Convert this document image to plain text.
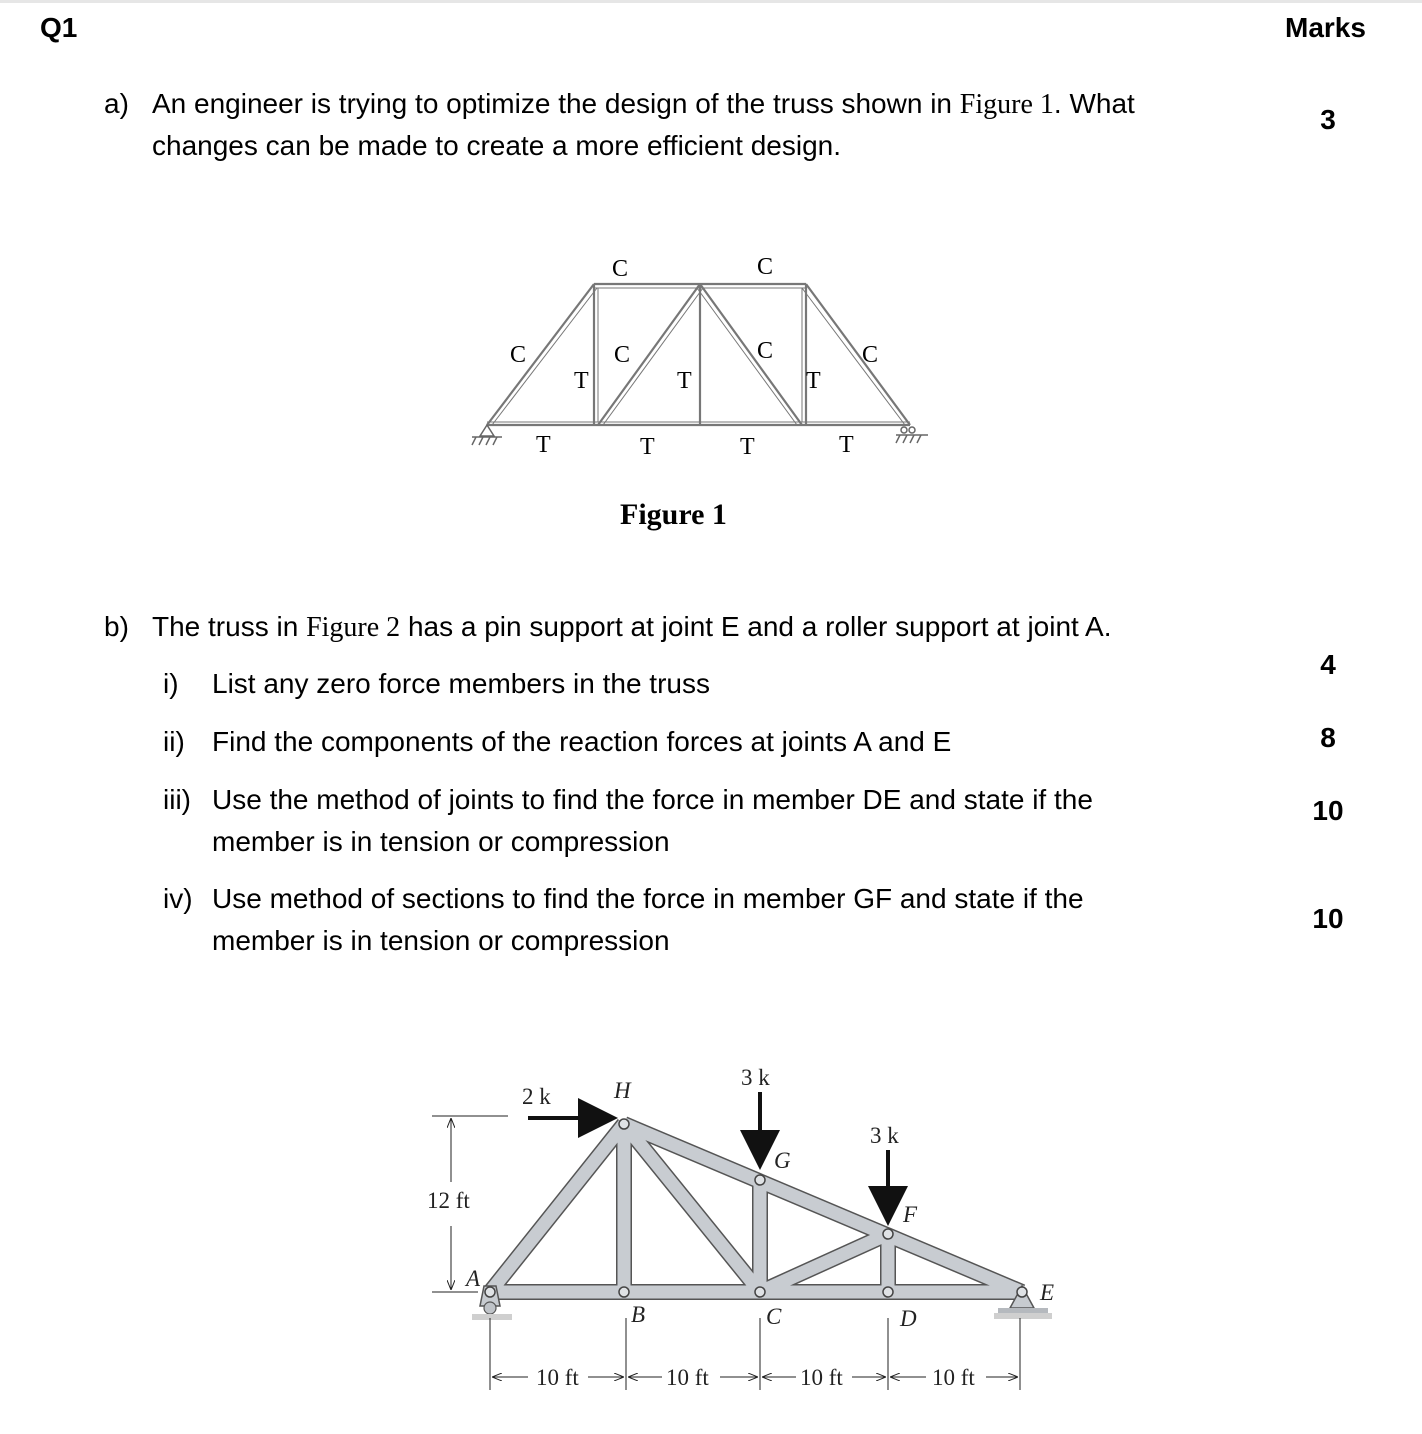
Q1	Marks
a) An engineer is trying to optimize the design of the truss shown in Figure 1. What
changes can be made to create a more efficient design.
3
C	C
C	C	C	C
T	T	T
T	T	T	T
Figure 1
b) The truss in Figure 2 has a pin support at joint E and a roller support at joint A.
i) List any zero force members in the truss
4
ii) Find the components of the reaction forces at joints A and E	8
iii) Use the method of joints to find the force in member DE and state if the
member is in tension or compression
10
iv) Use method of sections to find the force in member GF and state if the
member is in tension or compression
10
A
B	C	D
E
F
G
H
2 k
3 k
3 k
12 ft
10 ft	10 ft	10 ft	10 ft
